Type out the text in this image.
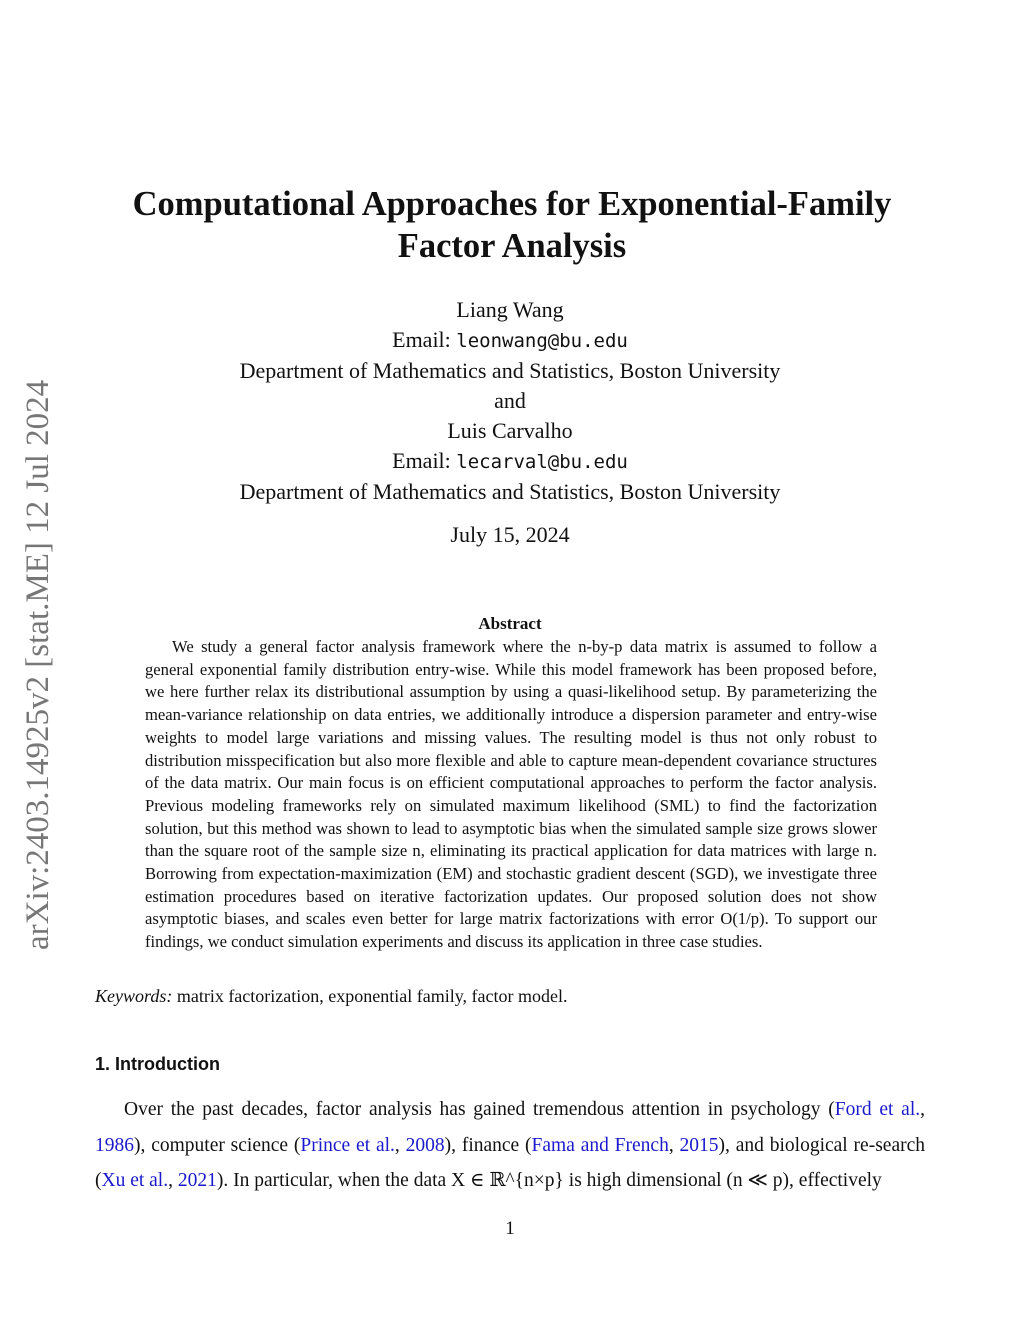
arXiv:2403.14925v2 [stat.ME] 12 Jul 2024
Computational Approaches for Exponential-Family
Factor Analysis
Liang Wang
Email: leonwang@bu.edu
Department of Mathematics and Statistics, Boston University
and
Luis Carvalho
Email: lecarval@bu.edu
Department of Mathematics and Statistics, Boston University
July 15, 2024
Abstract
We study a general factor analysis framework where the n-by-p data matrix is assumed to follow a general exponential family distribution entry-wise. While this model framework has been proposed before, we here further relax its distributional assumption by using a quasi-likelihood setup. By parameterizing the mean-variance relationship on data entries, we additionally introduce a dispersion parameter and entry-wise weights to model large variations and missing values. The resulting model is thus not only robust to distribution misspecification but also more flexible and able to capture mean-dependent covariance structures of the data matrix. Our main focus is on efficient computational approaches to perform the factor analysis. Previous modeling frameworks rely on simulated maximum likelihood (SML) to find the factorization solution, but this method was shown to lead to asymptotic bias when the simulated sample size grows slower than the square root of the sample size n, eliminating its practical application for data matrices with large n. Borrowing from expectation-maximization (EM) and stochastic gradient descent (SGD), we investigate three estimation procedures based on iterative factorization updates. Our proposed solution does not show asymptotic biases, and scales even better for large matrix factorizations with error O(1/p). To support our findings, we conduct simulation experiments and discuss its application in three case studies.
Keywords: matrix factorization, exponential family, factor model.
1. Introduction
Over the past decades, factor analysis has gained tremendous attention in psychology (Ford et al., 1986), computer science (Prince et al., 2008), finance (Fama and French, 2015), and biological re-search (Xu et al., 2021). In particular, when the data X ∈ ℝ^{n×p} is high dimensional (n ≪ p), effectively
1
